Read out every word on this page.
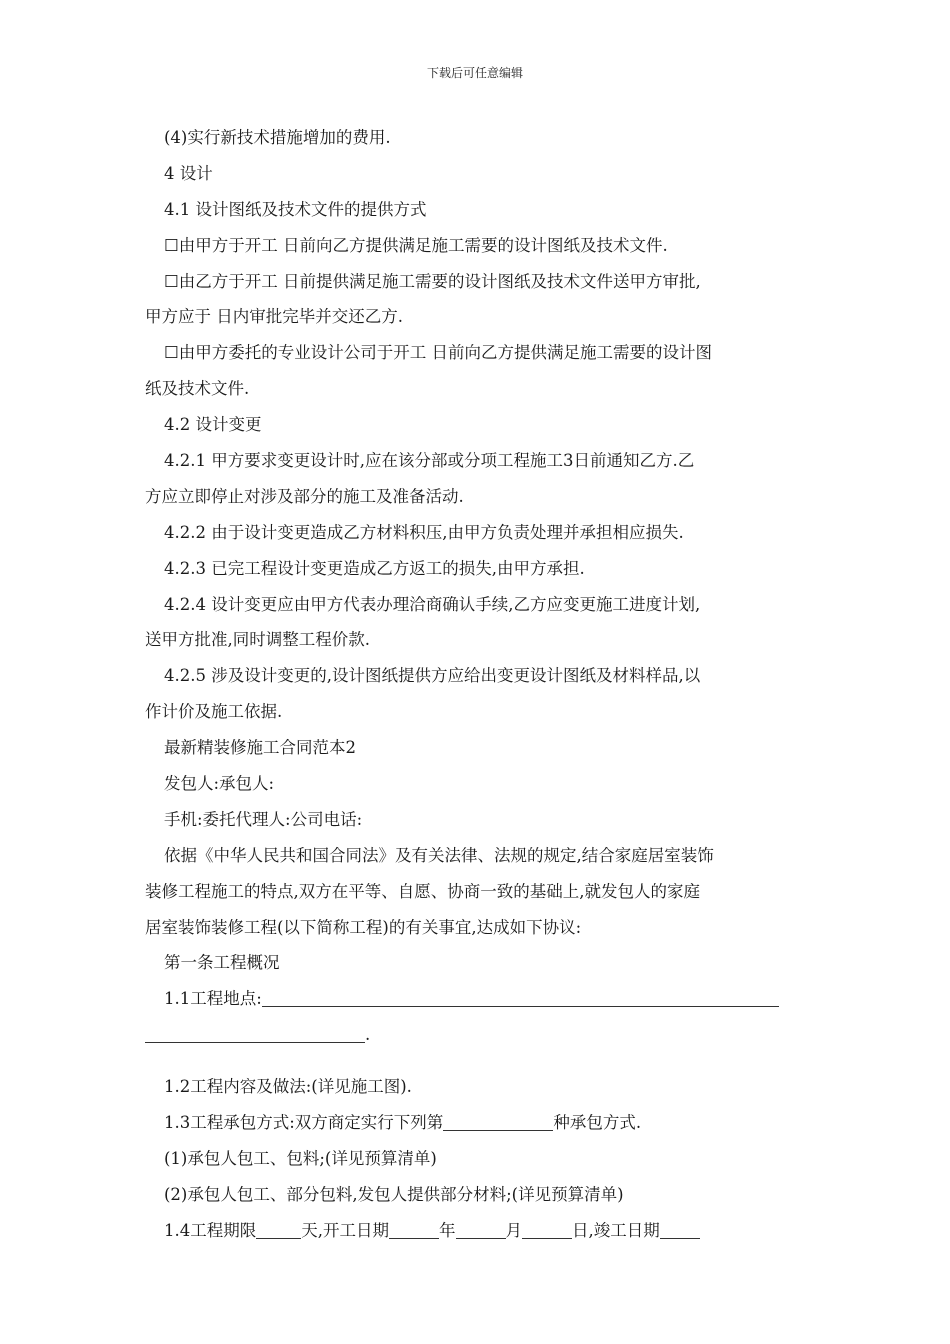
下载后可任意编辑
(4)实行新技术措施增加的费用.
4 设计
4.1 设计图纸及技术文件的提供方式
☐由甲方于开工 日前向乙方提供满足施工需要的设计图纸及技术文件.
☐由乙方于开工 日前提供满足施工需要的设计图纸及技术文件送甲方审批,
甲方应于 日内审批完毕并交还乙方.
☐由甲方委托的专业设计公司于开工 日前向乙方提供满足施工需要的设计图
纸及技术文件.
4.2 设计变更
4.2.1 甲方要求变更设计时,应在该分部或分项工程施工3日前通知乙方.乙
方应立即停止对涉及部分的施工及准备活动.
4.2.2 由于设计变更造成乙方材料积压,由甲方负责处理并承担相应损失.
4.2.3 已完工程设计变更造成乙方返工的损失,由甲方承担.
4.2.4 设计变更应由甲方代表办理洽商确认手续,乙方应变更施工进度计划,
送甲方批准,同时调整工程价款.
4.2.5 涉及设计变更的,设计图纸提供方应给出变更设计图纸及材料样品,以
作计价及施工依据.
最新精装修施工合同范本2
发包人:承包人:
手机:委托代理人:公司电话:
依据《中华人民共和国合同法》及有关法律、法规的规定,结合家庭居室装饰
装修工程施工的特点,双方在平等、自愿、协商一致的基础上,就发包人的家庭
居室装饰装修工程(以下简称工程)的有关事宜,达成如下协议:
第一条工程概况
1.1工程地点:
.
1.2工程内容及做法:(详见施工图).
1.3工程承包方式:双方商定实行下列第	种承包方式.
(1)承包人包工、包料;(详见预算清单)
(2)承包人包工、部分包料,发包人提供部分材料;(详见预算清单)
1.4工程期限	天,开工日期	年	月	日,竣工日期
